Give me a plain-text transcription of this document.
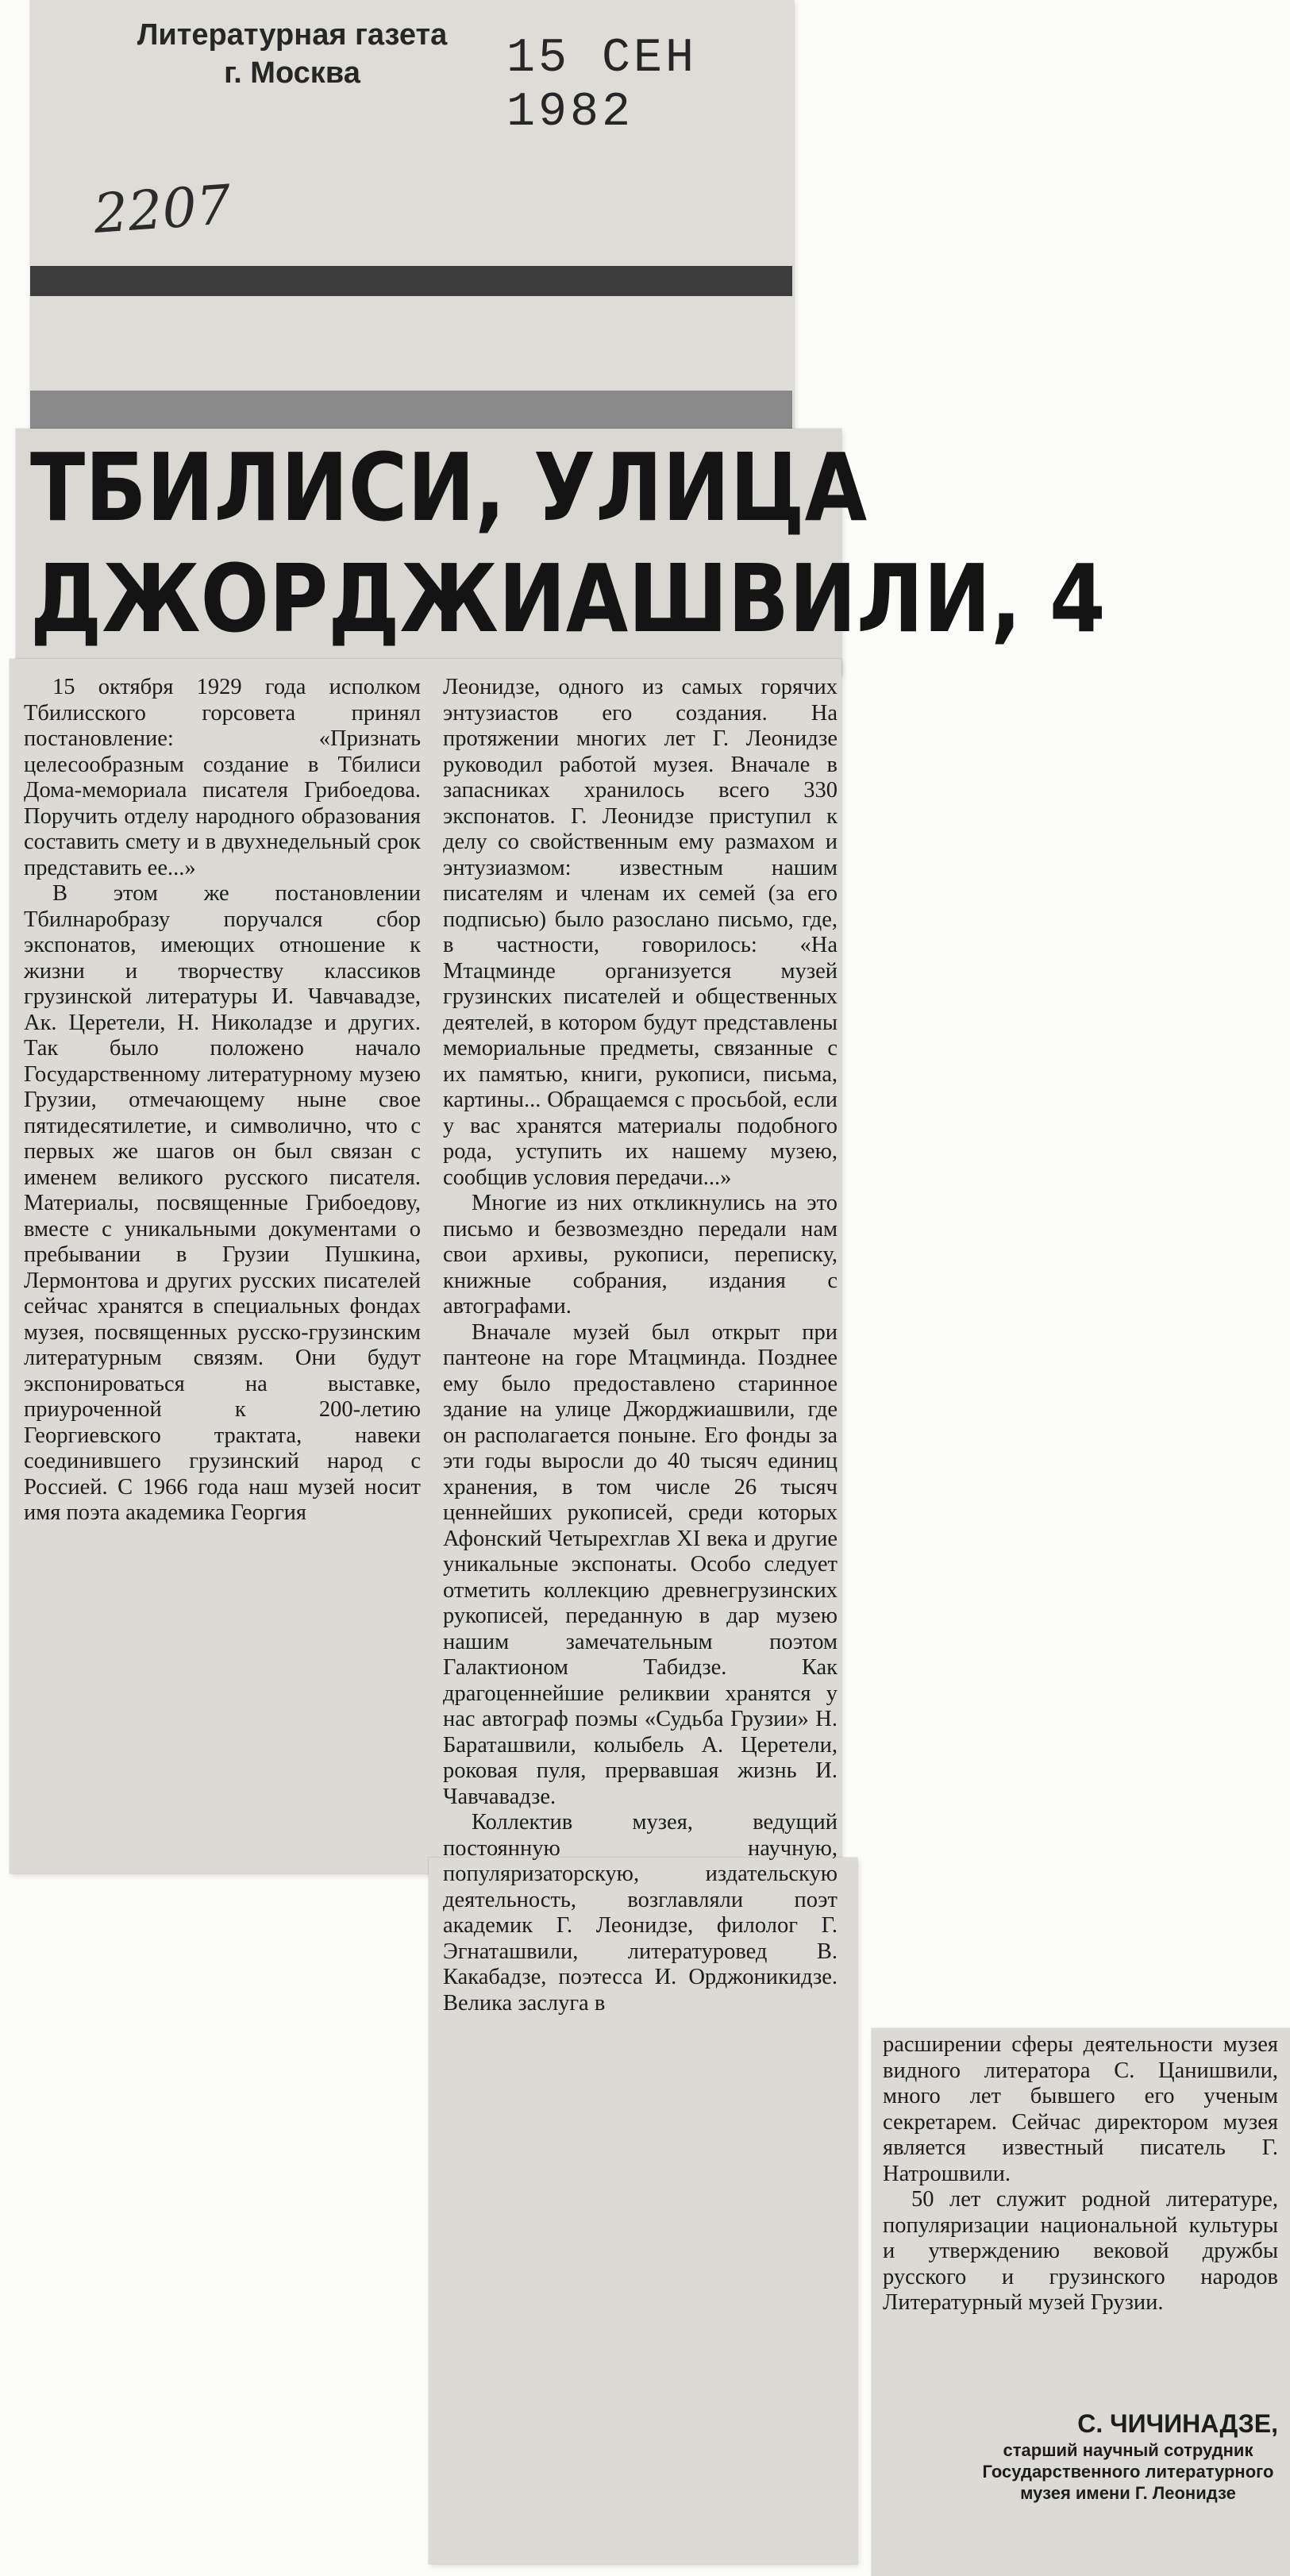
Литературная газета
г. Москва	15 СЕН 1982
2207
ТБИЛИСИ, УЛИЦА
ДЖОРДЖИАШВИЛИ, 4

15 октября 1929 года исполком Тбилисского горсовета принял постановление: «Признать целесообразным создание в Тбилиси Дома-мемориала писателя Грибоедова. Поручить отделу народного образования составить смету и в двухнедельный срок представить ее...»

В этом же постановлении Тбилнаробразу поручался сбор экспонатов, имеющих отношение к жизни и творчеству классиков грузинской литературы И. Чавчавадзе, Ак. Церетели, Н. Николадзе и других. Так было положено начало Государственному литературному музею Грузии, отмечающему ныне свое пятидесятилетие, и символично, что с первых же шагов он был связан с именем великого русского писателя. Материалы, посвященные Грибоедову, вместе с уникальными документами о пребывании в Грузии Пушкина, Лермонтова и других русских писателей сейчас хранятся в специальных фондах музея, посвященных русско-грузинским литературным связям. Они будут экспонироваться на выставке, приуроченной к 200-летию Георгиевского трактата, навеки соединившего грузинский народ с Россией. С 1966 года наш музей носит имя поэта академика Георгия

Леонидзе, одного из самых горячих энтузиастов его создания. На протяжении многих лет Г. Леонидзе руководил работой музея. Вначале в запасниках хранилось всего 330 экспонатов. Г. Леонидзе приступил к делу со свойственным ему размахом и энтузиазмом: известным нашим писателям и членам их семей (за его подписью) было разослано письмо, где, в частности, говорилось: «На Мтацминде организуется музей грузинских писателей и общественных деятелей, в котором будут представлены мемориальные предметы, связанные с их памятью, книги, рукописи, письма, картины... Обращаемся с просьбой, если у вас хранятся материалы подобного рода, уступить их нашему музею, сообщив условия передачи...»

Многие из них откликнулись на это письмо и безвозмездно передали нам свои архивы, рукописи, переписку, книжные собрания, издания с автографами.

Вначале музей был открыт при пантеоне на горе Мтацминда. Позднее ему было предоставлено старинное здание на улице Джорджиашвили, где он располагается поныне. Его фонды за эти годы выросли до 40 тысяч единиц хранения, в том числе 26 тысяч ценнейших рукописей, среди которых Афонский Четырехглав XI века и другие уникальные экспонаты. Особо следует отметить коллекцию древнегрузинских рукописей, переданную в дар музею нашим замечательным поэтом Галактионом Табидзе. Как драгоценнейшие реликвии хранятся у нас автограф поэмы «Судьба Грузии» Н. Бараташвили, колыбель А. Церетели, роковая пуля, прервавшая жизнь И. Чавчавадзе.

Коллектив музея, ведущий постоянную научную, популяризаторскую, издательскую деятельность, возглавляли поэт академик Г. Леонидзе, филолог Г. Эгнаташвили, литературовед В. Какабадзе, поэтесса И. Орджоникидзе. Велика заслуга в

расширении сферы деятельности музея видного литератора С. Цанишвили, много лет бывшего его ученым секретарем. Сейчас директором музея является известный писатель Г. Натрошвили.

50 лет служит родной литературе, популяризации национальной культуры и утверждению вековой дружбы русского и грузинского народов Литературный музей Грузии.

С. ЧИЧИНАДЗЕ,
старший научный сотрудник Государственного литературного музея имени Г. Леонидзе
